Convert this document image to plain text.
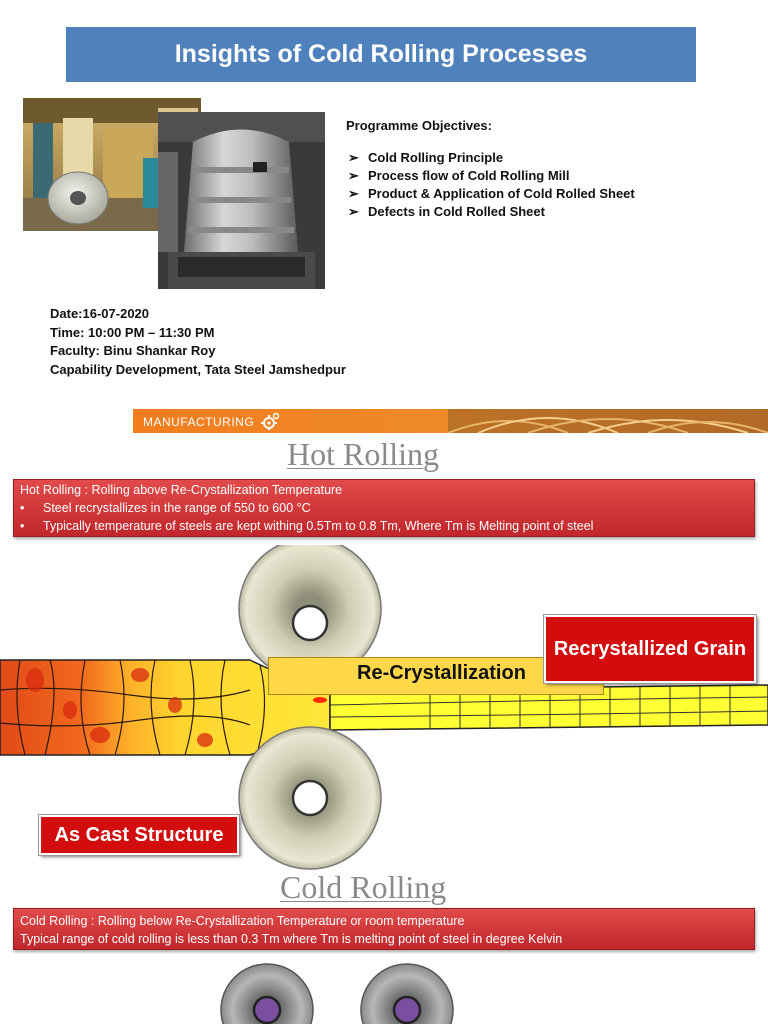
Insights of Cold Rolling Processes
Programme Objectives:
➢ Cold Rolling Principle
➢ Process flow of Cold Rolling Mill
➢ Product & Application of Cold Rolled Sheet
➢ Defects in Cold Rolled Sheet
Date:16-07-2020
Time: 10:00 PM – 11:30 PM
Faculty: Binu Shankar Roy
Capability Development, Tata Steel Jamshedpur
MANUFACTURING
Hot Rolling
Hot Rolling : Rolling above Re-Crystallization Temperature
• Steel recrystallizes in the range of 550 to 600 °C
• Typically temperature of steels are kept withing 0.5Tm to 0.8 Tm, Where Tm is Melting point of steel
Re-Crystallization
Recrystallized Grain
As Cast Structure
Cold Rolling
Cold Rolling : Rolling below Re-Crystallization Temperature or room temperature
Typical range of cold rolling is less than 0.3 Tm where Tm is melting point of steel in degree Kelvin
